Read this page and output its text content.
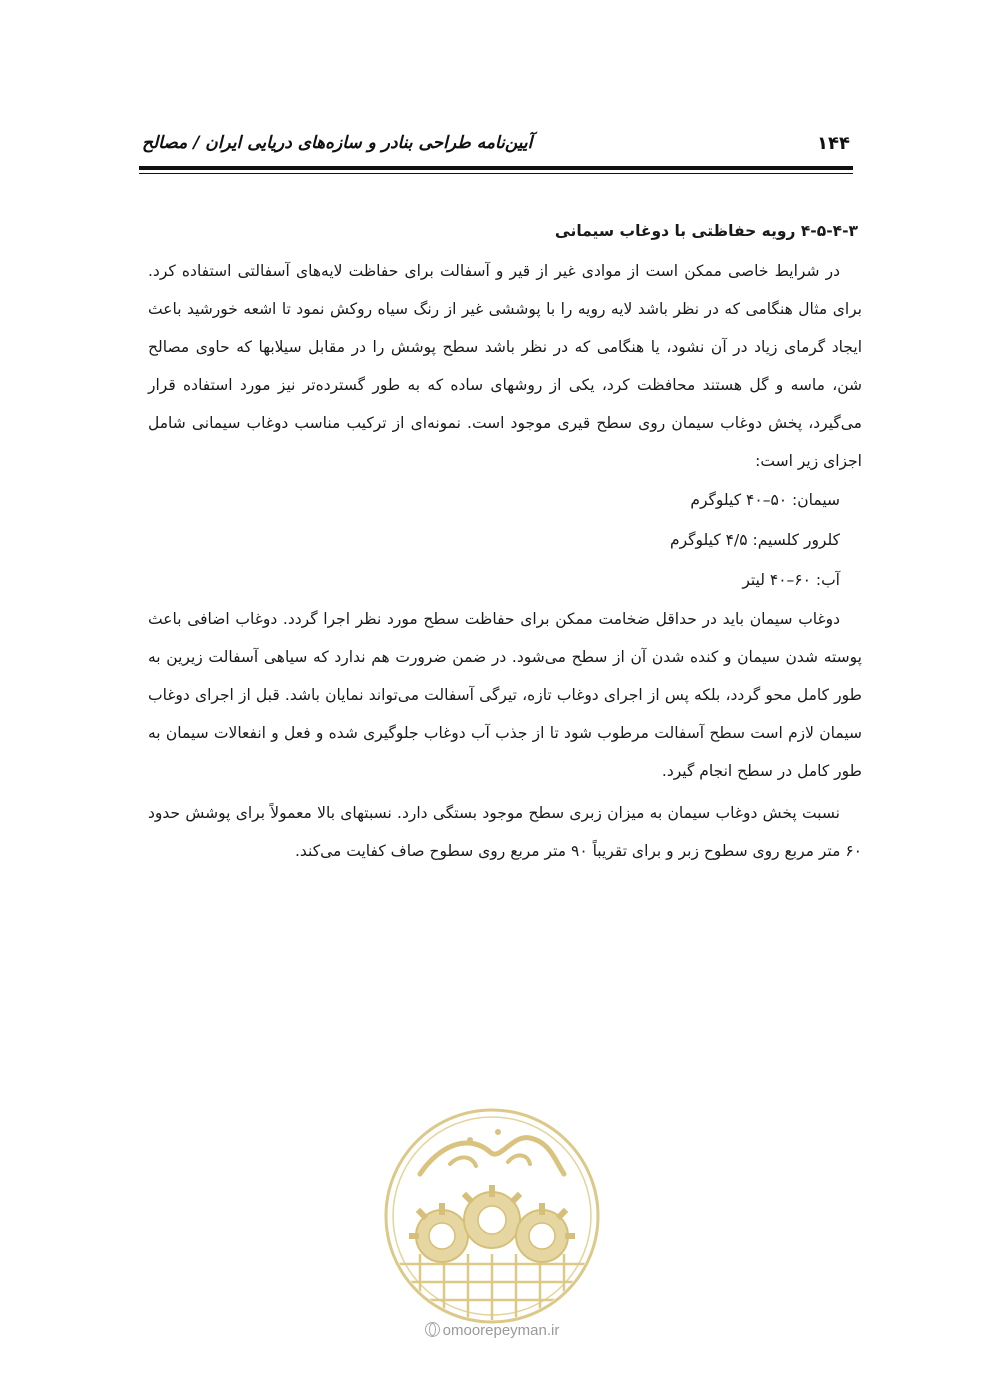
۱۴۴
آیین‌نامه طراحی بنادر و سازه‌های دریایی ایران / مصالح
۴-۵-۴-۳ رویه حفاظتی با دوغاب سیمانی

در شرایط خاصی ممکن است از موادی غیر از قیر و آسفالت برای حفاظت لایه‌های آسفالتی استفاده کرد. برای مثال هنگامی که در نظر باشد لایه رویه را با پوششی غیر از رنگ سیاه روکش نمود تا اشعه خورشید باعث ایجاد گرمای زیاد در آن نشود، یا هنگامی که در نظر باشد سطح پوشش را در مقابل سیلابها که حاوی مصالح شن، ماسه و گل هستند محافظت کرد، یکی از روشهای ساده که به طور گسترده‌تر نیز مورد استفاده قرار می‌گیرد، پخش دوغاب سیمان روی سطح قیری موجود است. نمونه‌ای از ترکیب مناسب دوغاب سیمانی شامل اجزای زیر است:

سیمان: ۵۰–۴۰ کیلوگرم
کلرور کلسیم: ۴/۵ کیلوگرم
آب: ۶۰–۴۰ لیتر

دوغاب سیمان باید در حداقل ضخامت ممکن برای حفاظت سطح مورد نظر اجرا گردد. دوغاب اضافی باعث پوسته شدن سیمان و کنده شدن آن از سطح می‌شود. در ضمن ضرورت هم ندارد که سیاهی آسفالت زیرین به طور کامل محو گردد، بلکه پس از اجرای دوغاب تازه، تیرگی آسفالت می‌تواند نمایان باشد. قبل از اجرای دوغاب سیمان لازم است سطح آسفالت مرطوب شود تا از جذب آب دوغاب جلوگیری شده و فعل و انفعالات سیمان به طور کامل در سطح انجام گیرد.

نسبت پخش دوغاب سیمان به میزان زبری سطح موجود بستگی دارد. نسبتهای بالا معمولاً برای پوشش حدود ۶۰ متر مربع روی سطوح زبر و برای تقریباً ۹۰ متر مربع روی سطوح صاف کفایت می‌کند.

omoorepeyman.ir
